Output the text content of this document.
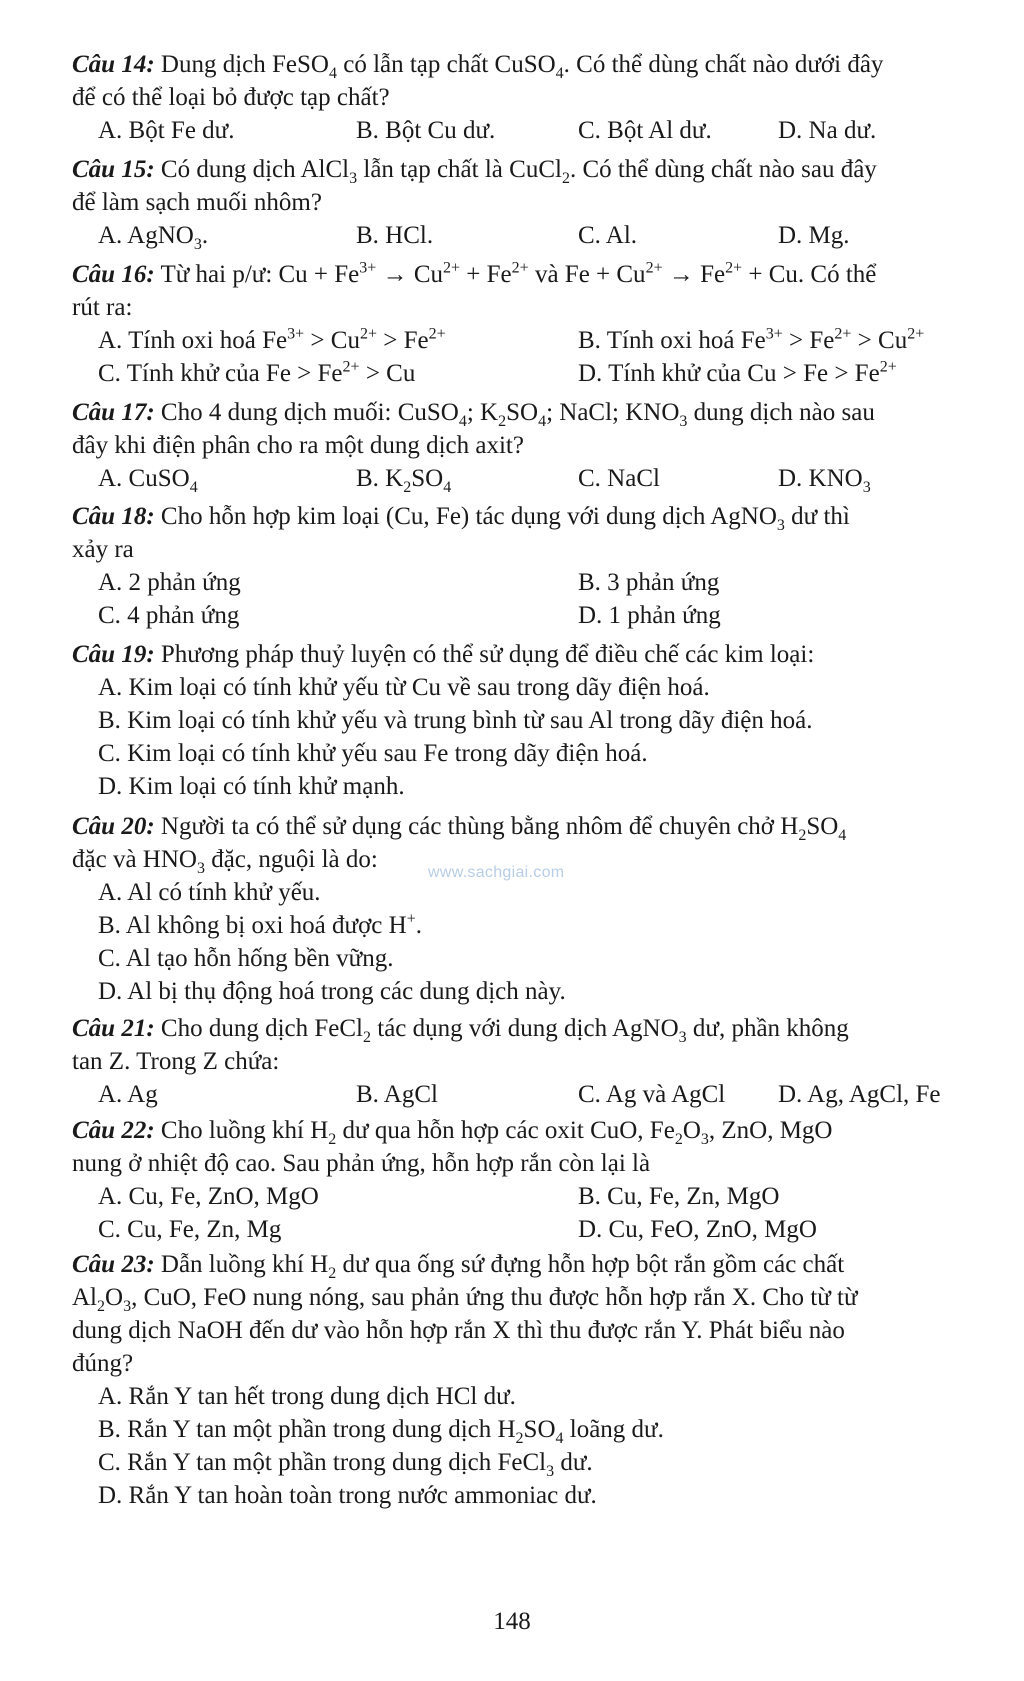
Câu 14: Dung dịch FeSO$_4$ có lẫn tạp chất CuSO$_4$. Có thể dùng chất nào dưới đây
để có thể loại bỏ được tạp chất?
A. Bột Fe dư.	B. Bột Cu dư.	C. Bột Al dư.	D. Na dư.
Câu 15: Có dung dịch AlCl$_3$ lẫn tạp chất là CuCl$_2$. Có thể dùng chất nào sau đây
để làm sạch muối nhôm?
A. AgNO$_3$.	B. HCl.	C. Al.	D. Mg.
Câu 16: Từ hai p/ư: $Cu + Fe^{3+} \to Cu^{2+} + Fe^{2+}$ và $Fe + Cu^{2+} \to Fe^{2+} + Cu$. Có thể
rút ra:
A. Tính oxi hoá $Fe^{3+} > Cu^{2+} > Fe^{2+}$	B. Tính oxi hoá $Fe^{3+} > Fe^{2+} > Cu^{2+}$
C. Tính khử của $Fe > Fe^{2+} > Cu$	D. Tính khử của $Cu > Fe > Fe^{2+}$
Câu 17: Cho 4 dung dịch muối: CuSO$_4$; $K_2SO_4$; NaCl; $KNO_3$ dung dịch nào sau
đây khi điện phân cho ra một dung dịch axit?
A. CuSO$_4$	B. $K_2SO_4$	C. NaCl	D. $KNO_3$
Câu 18: Cho hỗn hợp kim loại (Cu, Fe) tác dụng với dung dịch AgNO$_3$ dư thì
xảy ra
A. 2 phản ứng	B. 3 phản ứng
C. 4 phản ứng	D. 1 phản ứng
Câu 19: Phương pháp thuỷ luyện có thể sử dụng để điều chế các kim loại:
A. Kim loại có tính khử yếu từ Cu về sau trong dãy điện hoá.
B. Kim loại có tính khử yếu và trung bình từ sau Al trong dãy điện hoá.
C. Kim loại có tính khử yếu sau Fe trong dãy điện hoá.
D. Kim loại có tính khử mạnh.
Câu 20: Người ta có thể sử dụng các thùng bằng nhôm để chuyên chở $H_2SO_4$
đặc và $HNO_3$ đặc, nguội là do:
A. Al có tính khử yếu.
B. Al không bị oxi hoá được H+.
C. Al tạo hỗn hống bền vững.
D. Al bị thụ động hoá trong các dung dịch này.
Câu 21: Cho dung dịch FeCl$_2$ tác dụng với dung dịch AgNO$_3$ dư, phần không
tan Z. Trong Z chứa:
A. Ag	B. AgCl	C. Ag và AgCl	D. Ag, AgCl, Fe
Câu 22: Cho luồng khí $H_2$ dư qua hỗn hợp các oxit CuO, $Fe_2O_3$, ZnO, MgO
nung ở nhiệt độ cao. Sau phản ứng, hỗn hợp rắn còn lại là
A. Cu, Fe, ZnO, MgO	B. Cu, Fe, Zn, MgO
C. Cu, Fe, Zn, Mg	D. Cu, FeO, ZnO, MgO
Câu 23: Dẫn luồng khí $H_2$ dư qua ống sứ đựng hỗn hợp bột rắn gồm các chất
$Al_2O_3$, CuO, FeO nung nóng, sau phản ứng thu được hỗn hợp rắn X. Cho từ từ
dung dịch NaOH đến dư vào hỗn hợp rắn X thì thu được rắn Y. Phát biểu nào
đúng?
A. Rắn Y tan hết trong dung dịch HCl dư.
B. Rắn Y tan một phần trong dung dịch $H_2SO_4$ loãng dư.
C. Rắn Y tan một phần trong dung dịch FeCl$_3$ dư.
D. Rắn Y tan hoàn toàn trong nước ammoniac dư.
www.sachgiai.com
148
